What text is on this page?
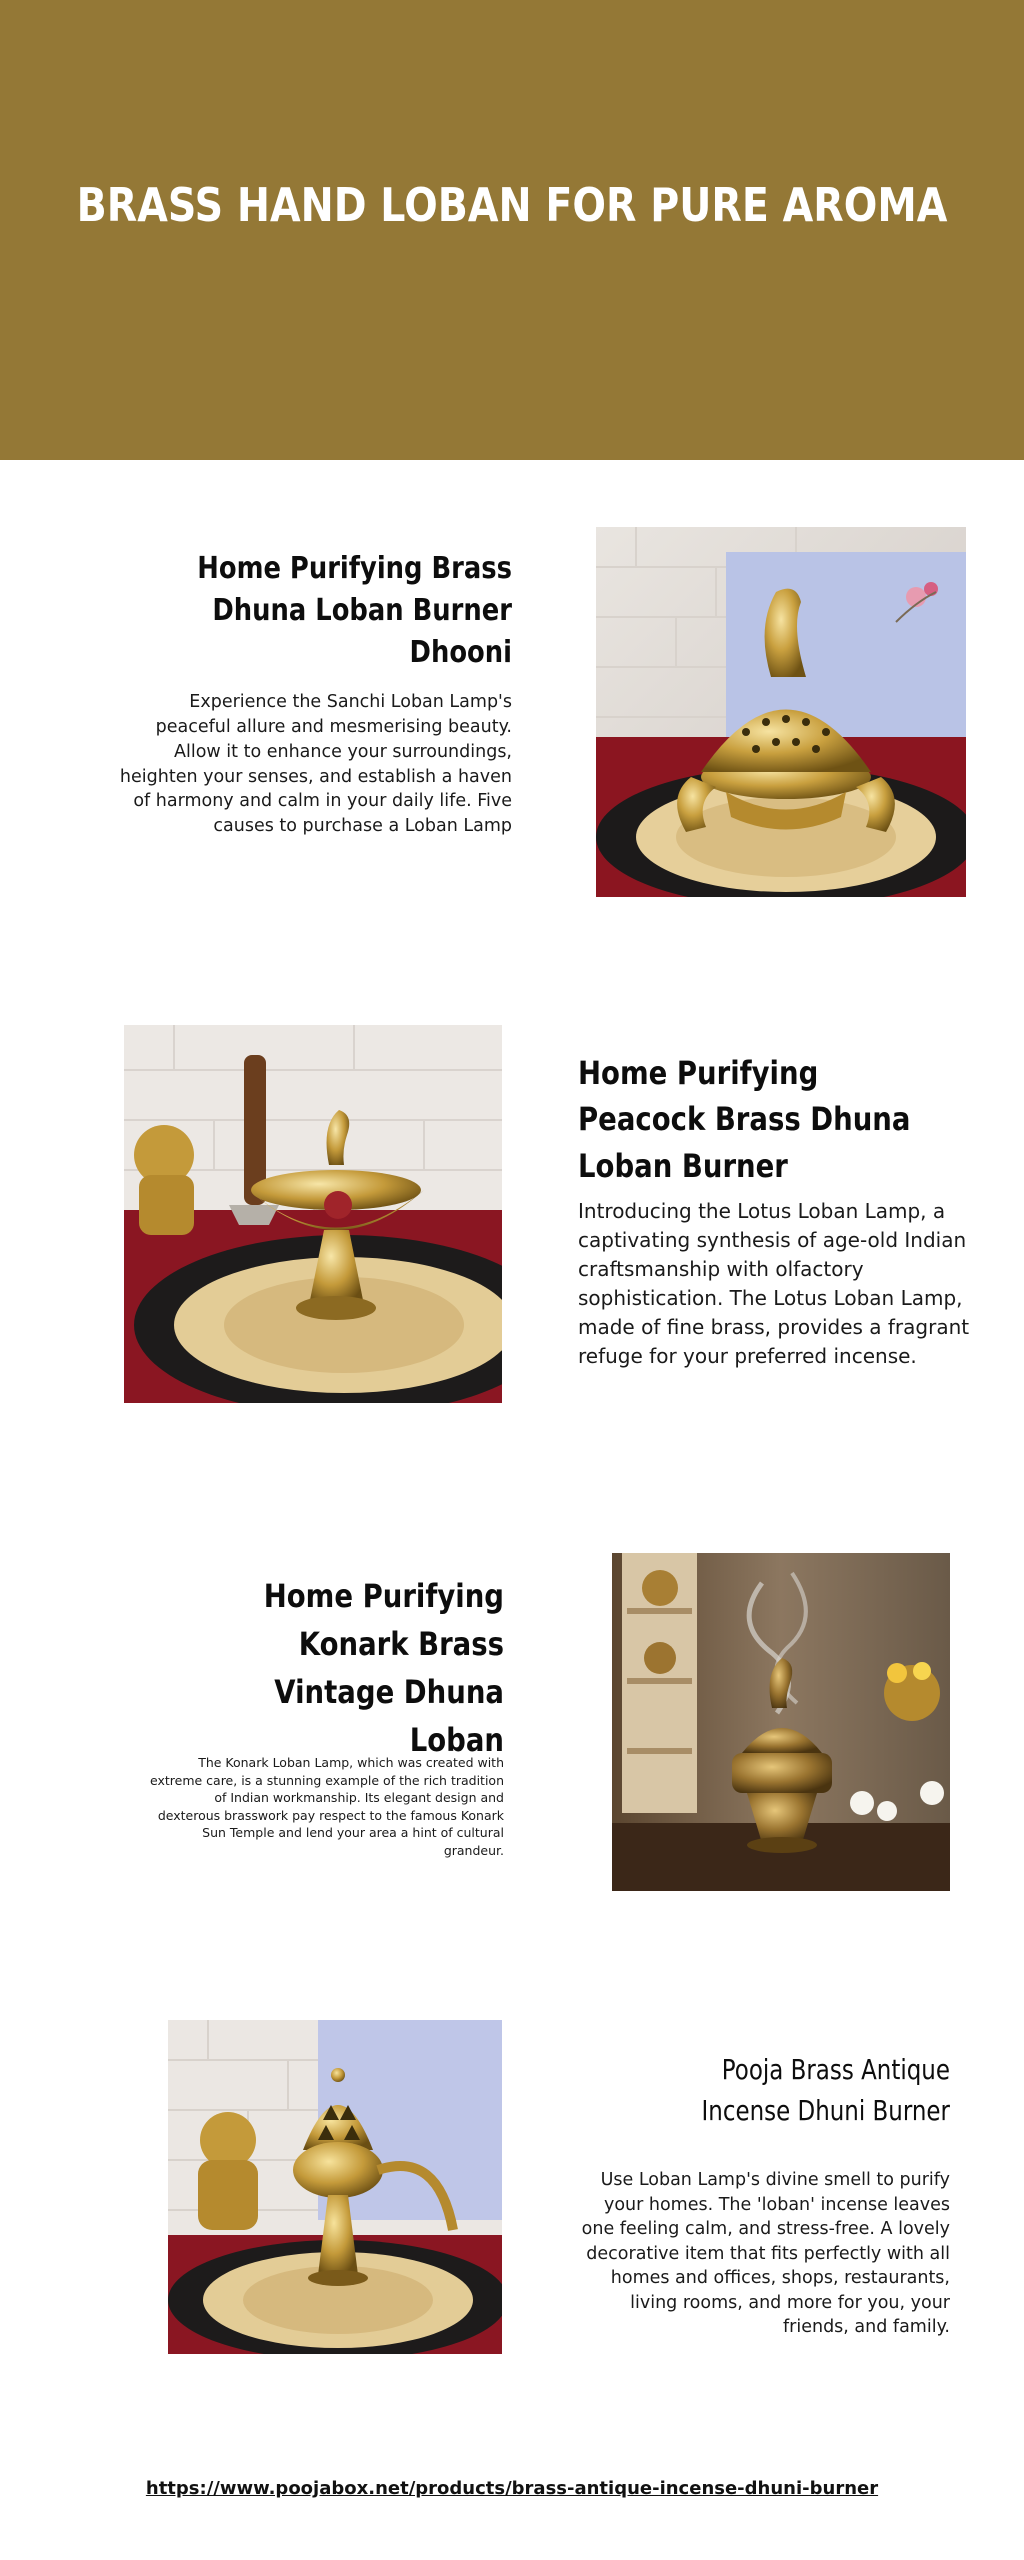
BRASS HAND LOBAN FOR PURE AROMA
Home Purifying Brass Dhuna Loban Burner Dhooni

Experience the Sanchi Loban Lamp's peaceful allure and mesmerising beauty. Allow it to enhance your surroundings, heighten your senses, and establish a haven of harmony and calm in your daily life. Five causes to purchase a Loban Lamp

Home Purifying Peacock Brass Dhuna Loban Burner

Introducing the Lotus Loban Lamp, a captivating synthesis of age-old Indian craftsmanship with olfactory sophistication. The Lotus Loban Lamp, made of fine brass, provides a fragrant refuge for your preferred incense.

Home Purifying Konark Brass Vintage Dhuna Loban

The Konark Loban Lamp, which was created with extreme care, is a stunning example of the rich tradition of Indian workmanship. Its elegant design and dexterous brasswork pay respect to the famous Konark Sun Temple and lend your area a hint of cultural grandeur.

Pooja Brass Antique Incense Dhuni Burner

Use Loban Lamp's divine smell to purify your homes. The 'loban' incense leaves one feeling calm, and stress-free. A lovely decorative item that fits perfectly with all homes and offices, shops, restaurants, living rooms, and more for you, your friends, and family.

https://www.poojabox.net/products/brass-antique-incense-dhuni-burner
